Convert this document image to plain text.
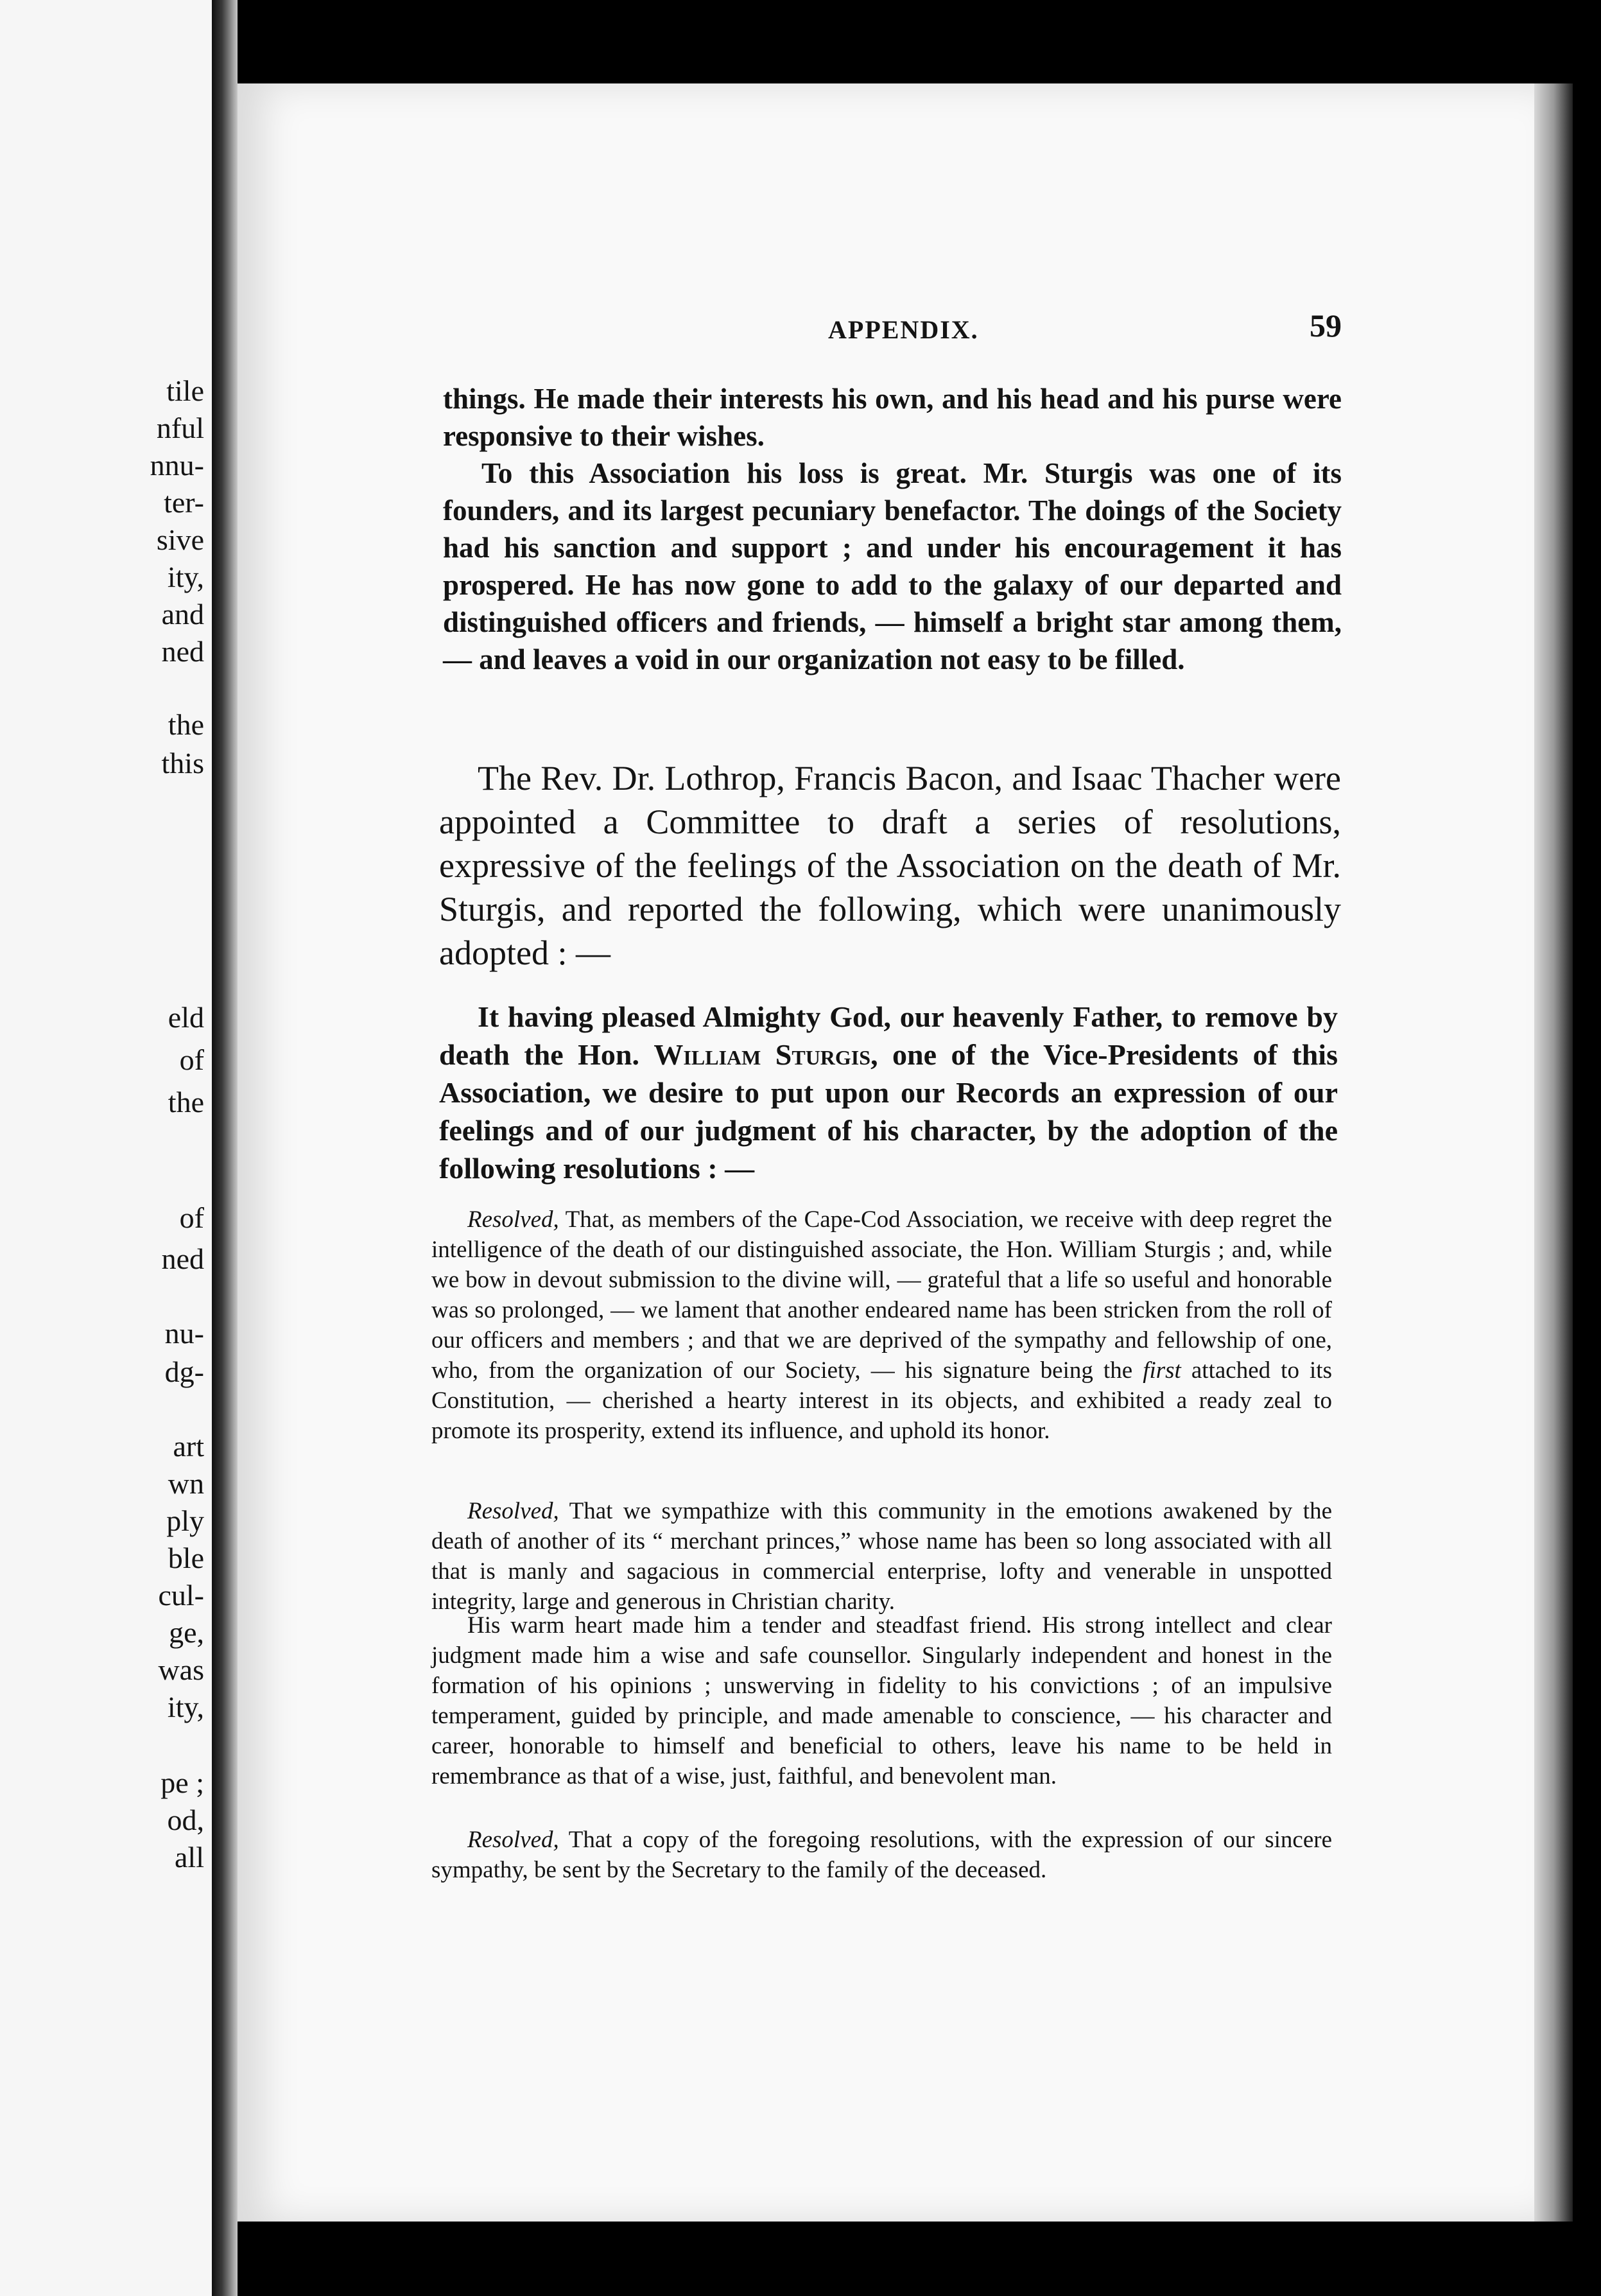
tile
nful
nnu-
ter-
sive
ity,
and
ned
the
this
eld
of
the
of
ned
nu-
dg-
art
wn
ply
ble
cul-
ge,
was
ity,
pe ;
od,
all
APPENDIX.	59
things. He made their interests his own, and his head and his purse were responsive to their wishes.
To this Association his loss is great. Mr. Sturgis was one of its founders, and its largest pecuniary benefactor. The doings of the Society had his sanction and support ; and under his encouragement it has prospered. He has now gone to add to the galaxy of our departed and distinguished officers and friends, — himself a bright star among them, — and leaves a void in our organization not easy to be filled.
The Rev. Dr. Lothrop, Francis Bacon, and Isaac Thacher were appointed a Committee to draft a series of resolutions, expressive of the feelings of the Association on the death of Mr. Sturgis, and reported the following, which were unanimously adopted : —
It having pleased Almighty God, our heavenly Father, to remove by death the Hon. William Sturgis, one of the Vice-Presidents of this Association, we desire to put upon our Records an expression of our feelings and of our judgment of his character, by the adoption of the following resolutions : —
Resolved, That, as members of the Cape-Cod Association, we receive with deep regret the intelligence of the death of our distinguished associate, the Hon. William Sturgis ; and, while we bow in devout submission to the divine will, — grateful that a life so useful and honorable was so prolonged, — we lament that another endeared name has been stricken from the roll of our officers and members ; and that we are deprived of the sympathy and fellowship of one, who, from the organization of our Society, — his signature being the first attached to its Constitution, — cherished a hearty interest in its objects, and exhibited a ready zeal to promote its prosperity, extend its influence, and uphold its honor.
Resolved, That we sympathize with this community in the emotions awakened by the death of another of its “ merchant princes,” whose name has been so long associated with all that is manly and sagacious in commercial enterprise, lofty and venerable in unspotted integrity, large and generous in Christian charity.
His warm heart made him a tender and steadfast friend. His strong intellect and clear judgment made him a wise and safe counsellor. Singularly independent and honest in the formation of his opinions ; unswerving in fidelity to his convictions ; of an impulsive temperament, guided by principle, and made amenable to conscience, — his character and career, honorable to himself and beneficial to others, leave his name to be held in remembrance as that of a wise, just, faithful, and benevolent man.
Resolved, That a copy of the foregoing resolutions, with the expression of our sincere sympathy, be sent by the Secretary to the family of the deceased.
